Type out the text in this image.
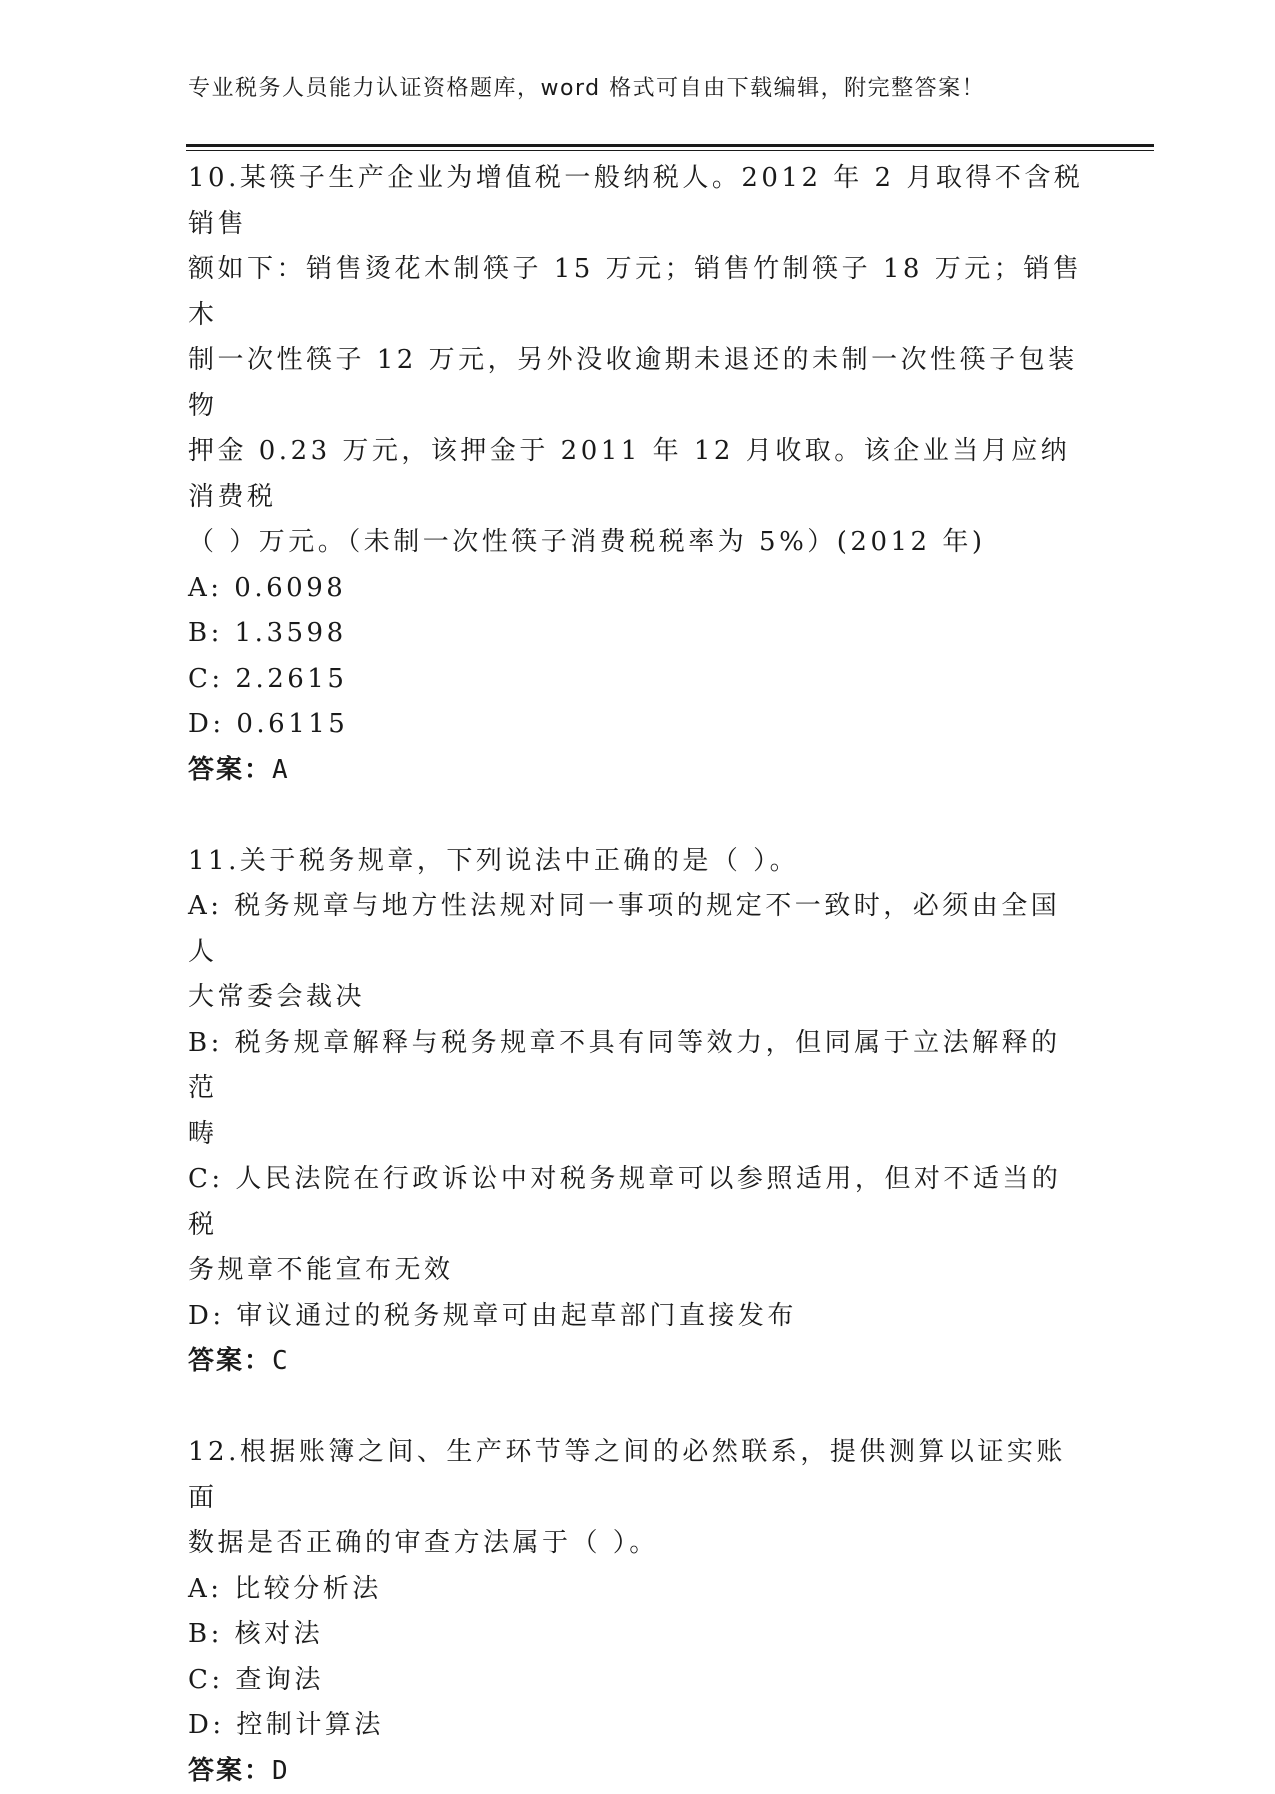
专业税务人员能力认证资格题库，word 格式可自由下载编辑，附完整答案！

10.某筷子生产企业为增值税一般纳税人。2012 年 2 月取得不含税销售

额如下：销售烫花木制筷子 15 万元；销售竹制筷子 18 万元；销售木

制一次性筷子 12 万元，另外没收逾期未退还的未制一次性筷子包装物

押金 0.23 万元，该押金于 2011 年 12 月收取。该企业当月应纳消费税

（ ）万元。（未制一次性筷子消费税税率为 5%）(2012 年)

A: 0.6098

B: 1.3598

C: 2.2615

D: 0.6115

答案：A

11.关于税务规章，下列说法中正确的是（ ）。

A: 税务规章与地方性法规对同一事项的规定不一致时，必须由全国人

大常委会裁决

B: 税务规章解释与税务规章不具有同等效力，但同属于立法解释的范

畴

C: 人民法院在行政诉讼中对税务规章可以参照适用，但对不适当的税

务规章不能宣布无效

D: 审议通过的税务规章可由起草部门直接发布

答案：C

12.根据账簿之间、生产环节等之间的必然联系，提供测算以证实账面

数据是否正确的审查方法属于（ ）。

A: 比较分析法

B: 核对法

C: 查询法

D: 控制计算法

答案：D
